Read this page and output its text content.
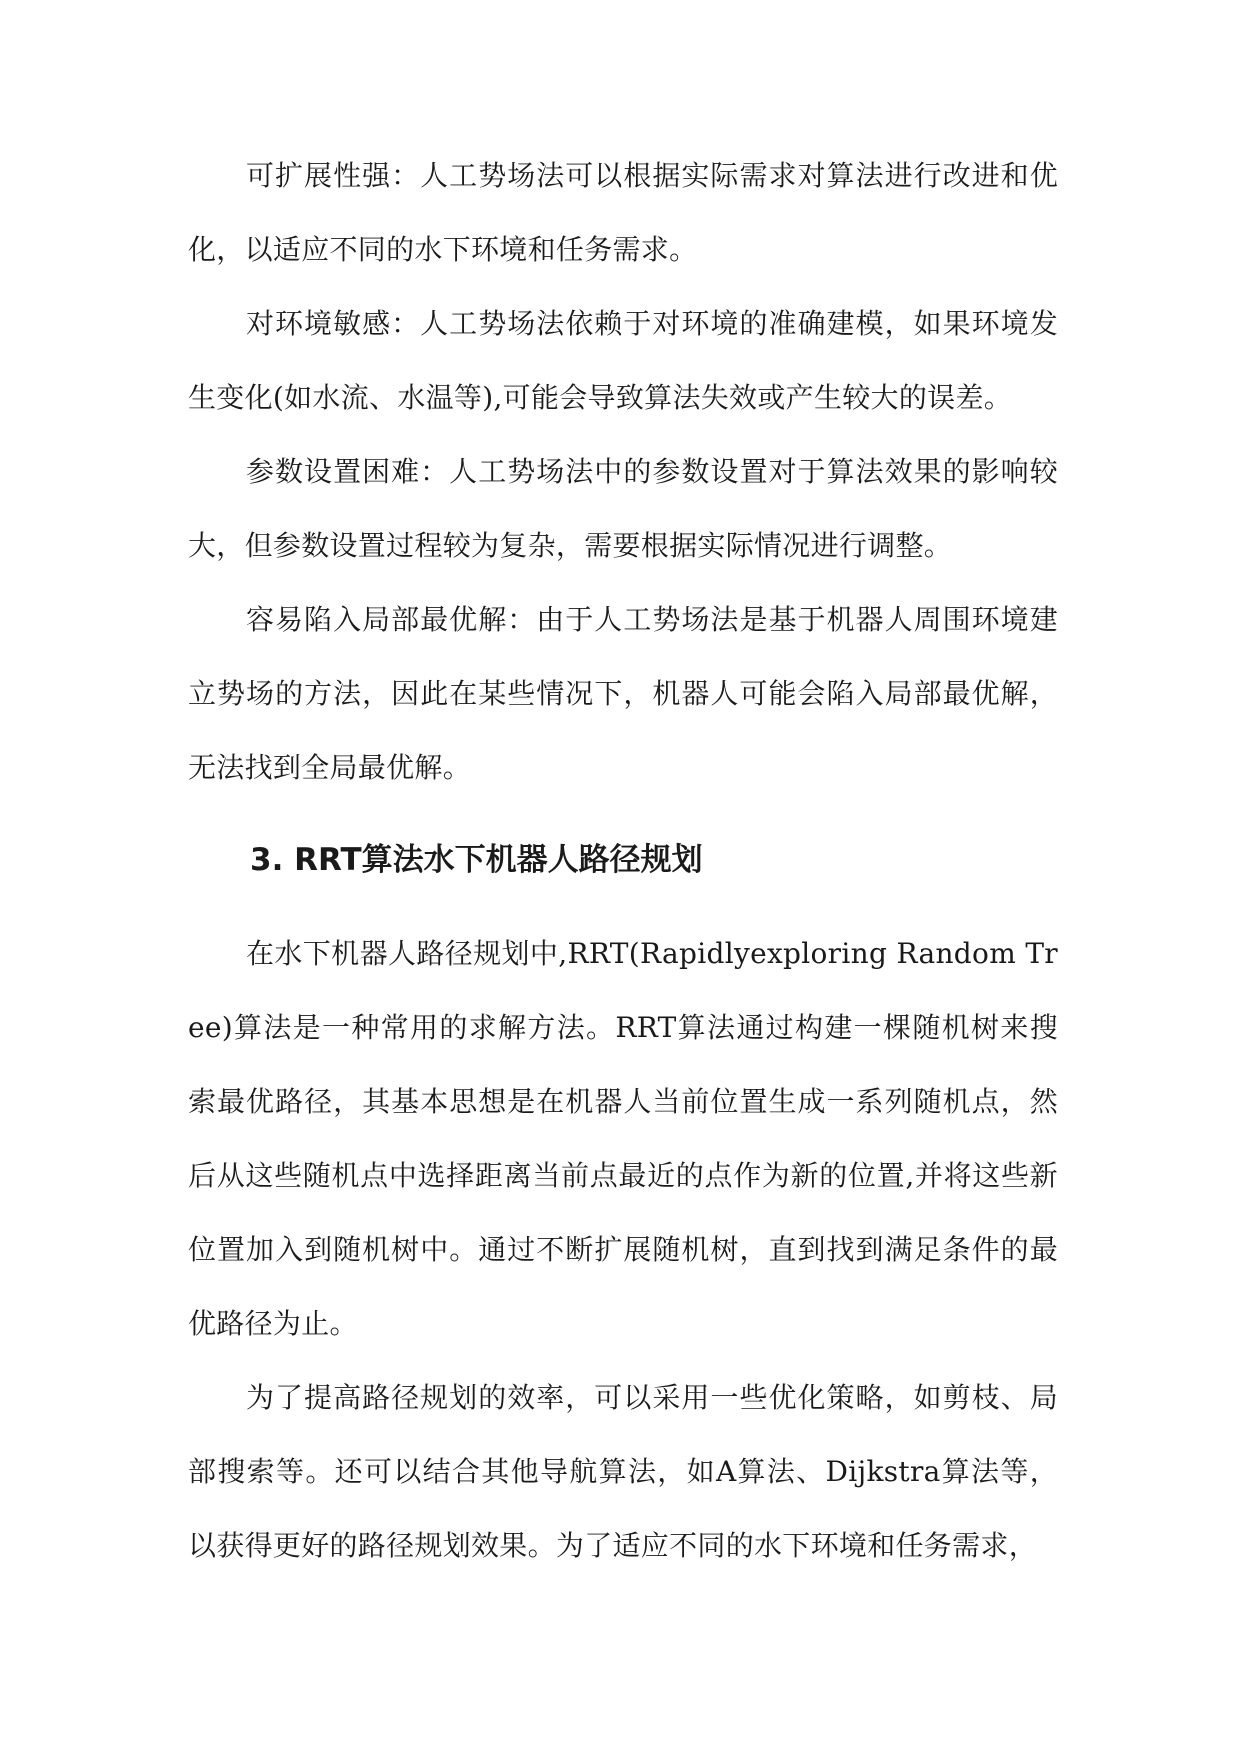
可扩展性强：人工势场法可以根据实际需求对算法进行改进和优化，以适应不同的水下环境和任务需求。

对环境敏感：人工势场法依赖于对环境的准确建模，如果环境发生变化(如水流、水温等),可能会导致算法失效或产生较大的误差。

参数设置困难：人工势场法中的参数设置对于算法效果的影响较大，但参数设置过程较为复杂，需要根据实际情况进行调整。

容易陷入局部最优解：由于人工势场法是基于机器人周围环境建立势场的方法，因此在某些情况下，机器人可能会陷入局部最优解，无法找到全局最优解。

3. RRT算法水下机器人路径规划

在水下机器人路径规划中,RRT(Rapidlyexploring Random Tree)算法是一种常用的求解方法。RRT算法通过构建一棵随机树来搜索最优路径，其基本思想是在机器人当前位置生成一系列随机点，然后从这些随机点中选择距离当前点最近的点作为新的位置,并将这些新位置加入到随机树中。通过不断扩展随机树，直到找到满足条件的最优路径为止。

为了提高路径规划的效率，可以采用一些优化策略，如剪枝、局部搜索等。还可以结合其他导航算法，如A算法、Dijkstra算法等，以获得更好的路径规划效果。为了适应不同的水下环境和任务需求，
